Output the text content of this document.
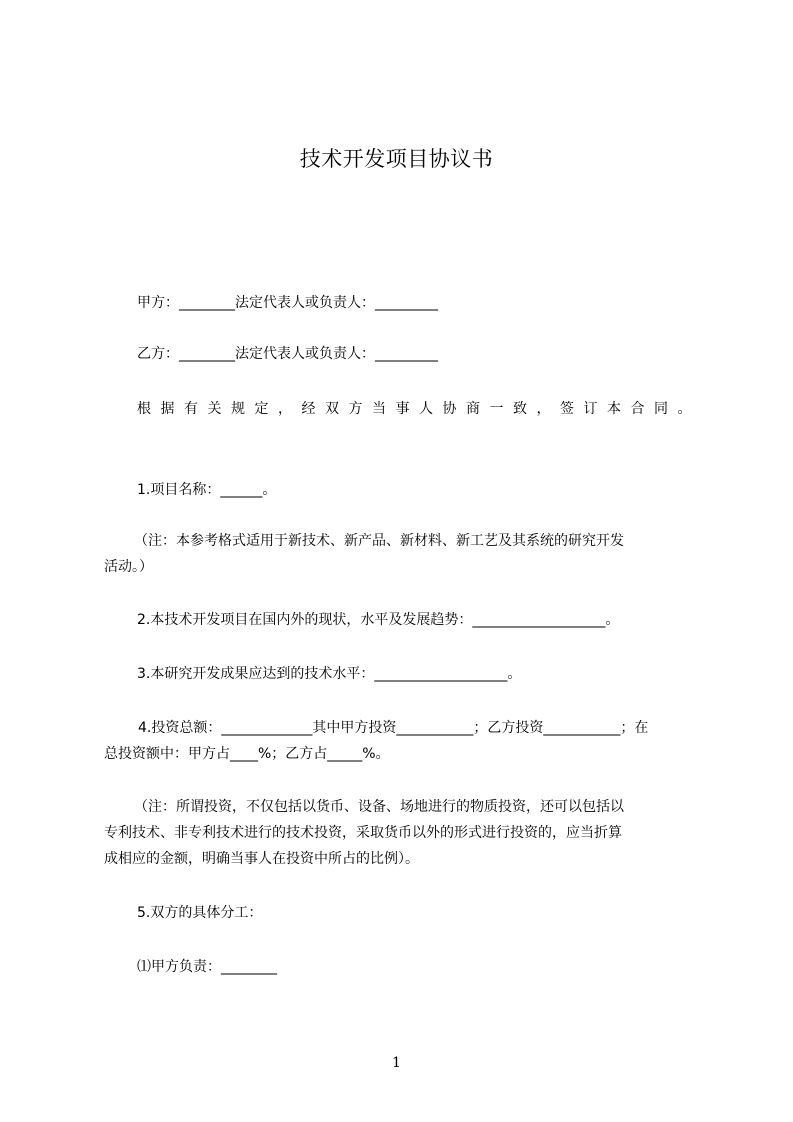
技术开发项目协议书

甲方：________法定代表人或负责人：_________

乙方：________法定代表人或负责人：_________

根据有关规定，经双方当事人协商一致，签订本合同。

1.项目名称：______。

（注：本参考格式适用于新技术、新产品、新材料、新工艺及其系统的研究开发
活动。）

2.本技术开发项目在国内外的现状，水平及发展趋势：___________________。

3.本研究开发成果应达到的技术水平：___________________。

4.投资总额：_____________其中甲方投资___________；乙方投资___________；在
总投资额中：甲方占____%；乙方占_____%。
（注：所谓投资，不仅包括以货币、设备、场地进行的物质投资，还可以包括以
专利技术、非专利技术进行的技术投资，采取货币以外的形式进行投资的，应当折算
成相应的金额，明确当事人在投资中所占的比例）。

5.双方的具体分工：

⑴甲方负责：________

1
